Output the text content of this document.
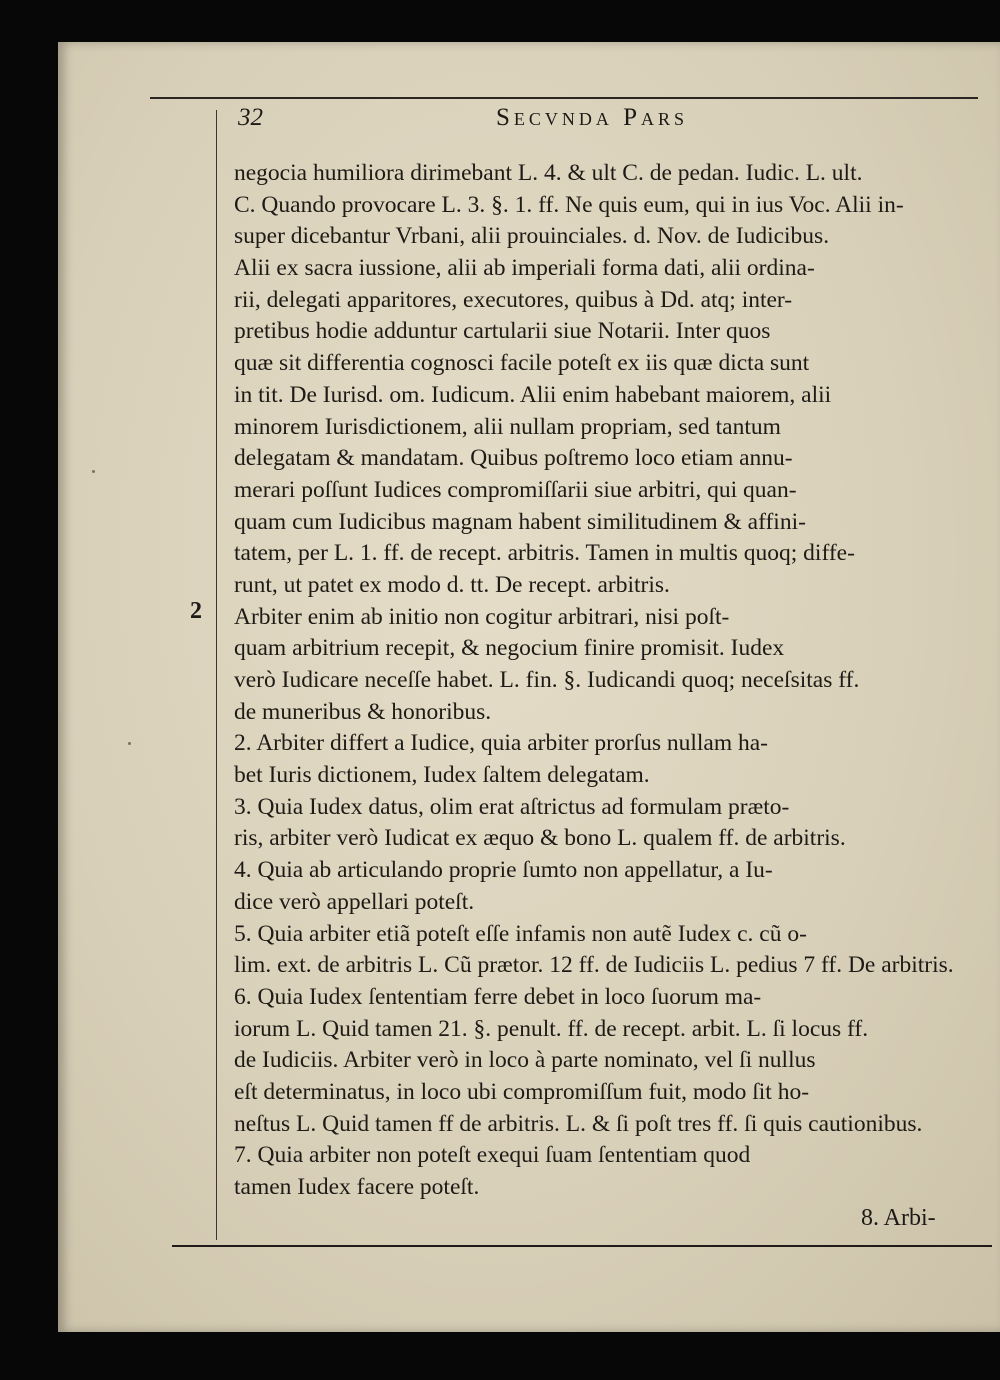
32	Secvnda Pars
2
negocia humiliora dirimebant L. 4. & ult C. de pedan. Iudic. L. ult.
C. Quando provocare L. 3. §. 1. ff. Ne quis eum, qui in ius Voc. Alii in-
super dicebantur Vrbani, alii prouinciales. d. Nov. de Iudicibus.
Alii ex sacra iussione, alii ab imperiali forma dati, alii ordina-
rii, delegati apparitores, executores, quibus à Dd. atq; inter-
pretibus hodie adduntur cartularii siue Notarii. Inter quos
quæ sit differentia cognosci facile poteſt ex iis quæ dicta sunt
in tit. De Iurisd. om. Iudicum. Alii enim habebant maiorem, alii
minorem Iurisdictionem, alii nullam propriam, sed tantum
delegatam & mandatam. Quibus poſtremo loco etiam annu-
merari poſſunt Iudices compromiſſarii siue arbitri, qui quan-
quam cum Iudicibus magnam habent similitudinem & affini-
tatem, per L. 1. ff. de recept. arbitris. Tamen in multis quoq; diffe-
runt, ut patet ex modo d. tt. De recept. arbitris.
Arbiter enim ab initio non cogitur arbitrari, nisi poſt-
quam arbitrium recepit, & negocium finire promisit. Iudex
verò Iudicare neceſſe habet. L. fin. §. Iudicandi quoq; neceſsitas ff.
de muneribus & honoribus.
2. Arbiter differt a Iudice, quia arbiter prorſus nullam ha-
bet Iuris dictionem, Iudex ſaltem delegatam.
3. Quia Iudex datus, olim erat aſtrictus ad formulam præto-
ris, arbiter verò Iudicat ex æquo & bono L. qualem ff. de arbitris.
4. Quia ab articulando proprie ſumto non appellatur, a Iu-
dice verò appellari poteſt.
5. Quia arbiter etiã poteſt eſſe infamis non autẽ Iudex c. cũ o-
lim. ext. de arbitris L. Cũ prætor. 12 ff. de Iudiciis L. pedius 7 ff. De arbitris.
6. Quia Iudex ſententiam ferre debet in loco ſuorum ma-
iorum L. Quid tamen 21. §. penult. ff. de recept. arbit. L. ſi locus ff.
de Iudiciis. Arbiter verò in loco à parte nominato, vel ſi nullus
eſt determinatus, in loco ubi compromiſſum fuit, modo ſit ho-
neſtus L. Quid tamen ff de arbitris. L. & ſi poſt tres ff. ſi quis cautionibus.
7. Quia arbiter non poteſt exequi ſuam ſententiam quod
tamen Iudex facere poteſt.
8. Arbi-
